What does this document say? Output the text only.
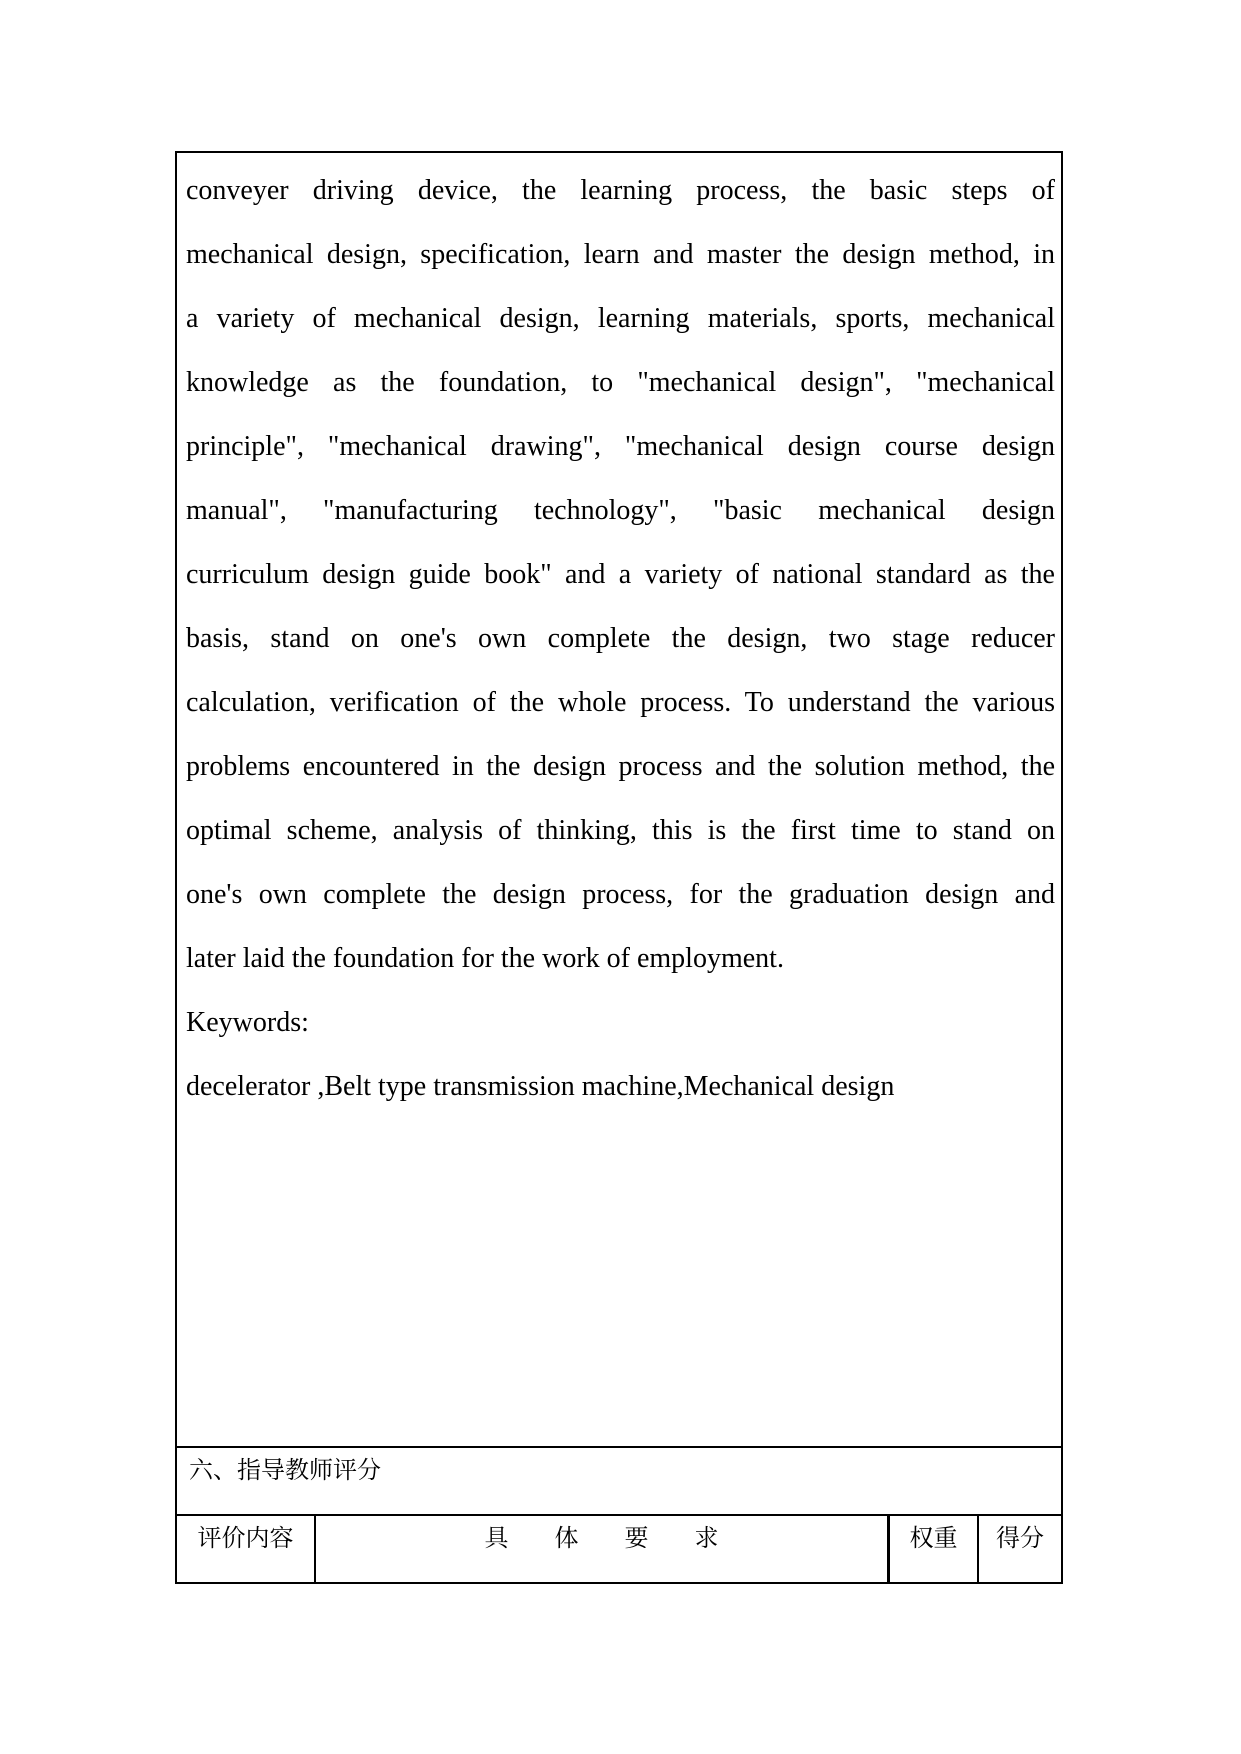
conveyer driving device, the learning process, the basic steps of
mechanical design, specification, learn and master the design method, in
a variety of mechanical design, learning materials, sports, mechanical
knowledge as the foundation, to "mechanical design", "mechanical
principle", "mechanical drawing", "mechanical design course design
manual", "manufacturing technology", "basic mechanical design
curriculum design guide book" and a variety of national standard as the
basis, stand on one's own complete the design, two stage reducer
calculation, verification of the whole process. To understand the various
problems encountered in the design process and the solution method, the
optimal scheme, analysis of thinking, this is the first time to stand on
one's own complete the design process, for the graduation design and
later laid the foundation for the work of employment.
Keywords:
decelerator ,Belt type transmission machine,Mechanical design
六、指导教师评分
评价内容	具 体 要 求	权重	得分
